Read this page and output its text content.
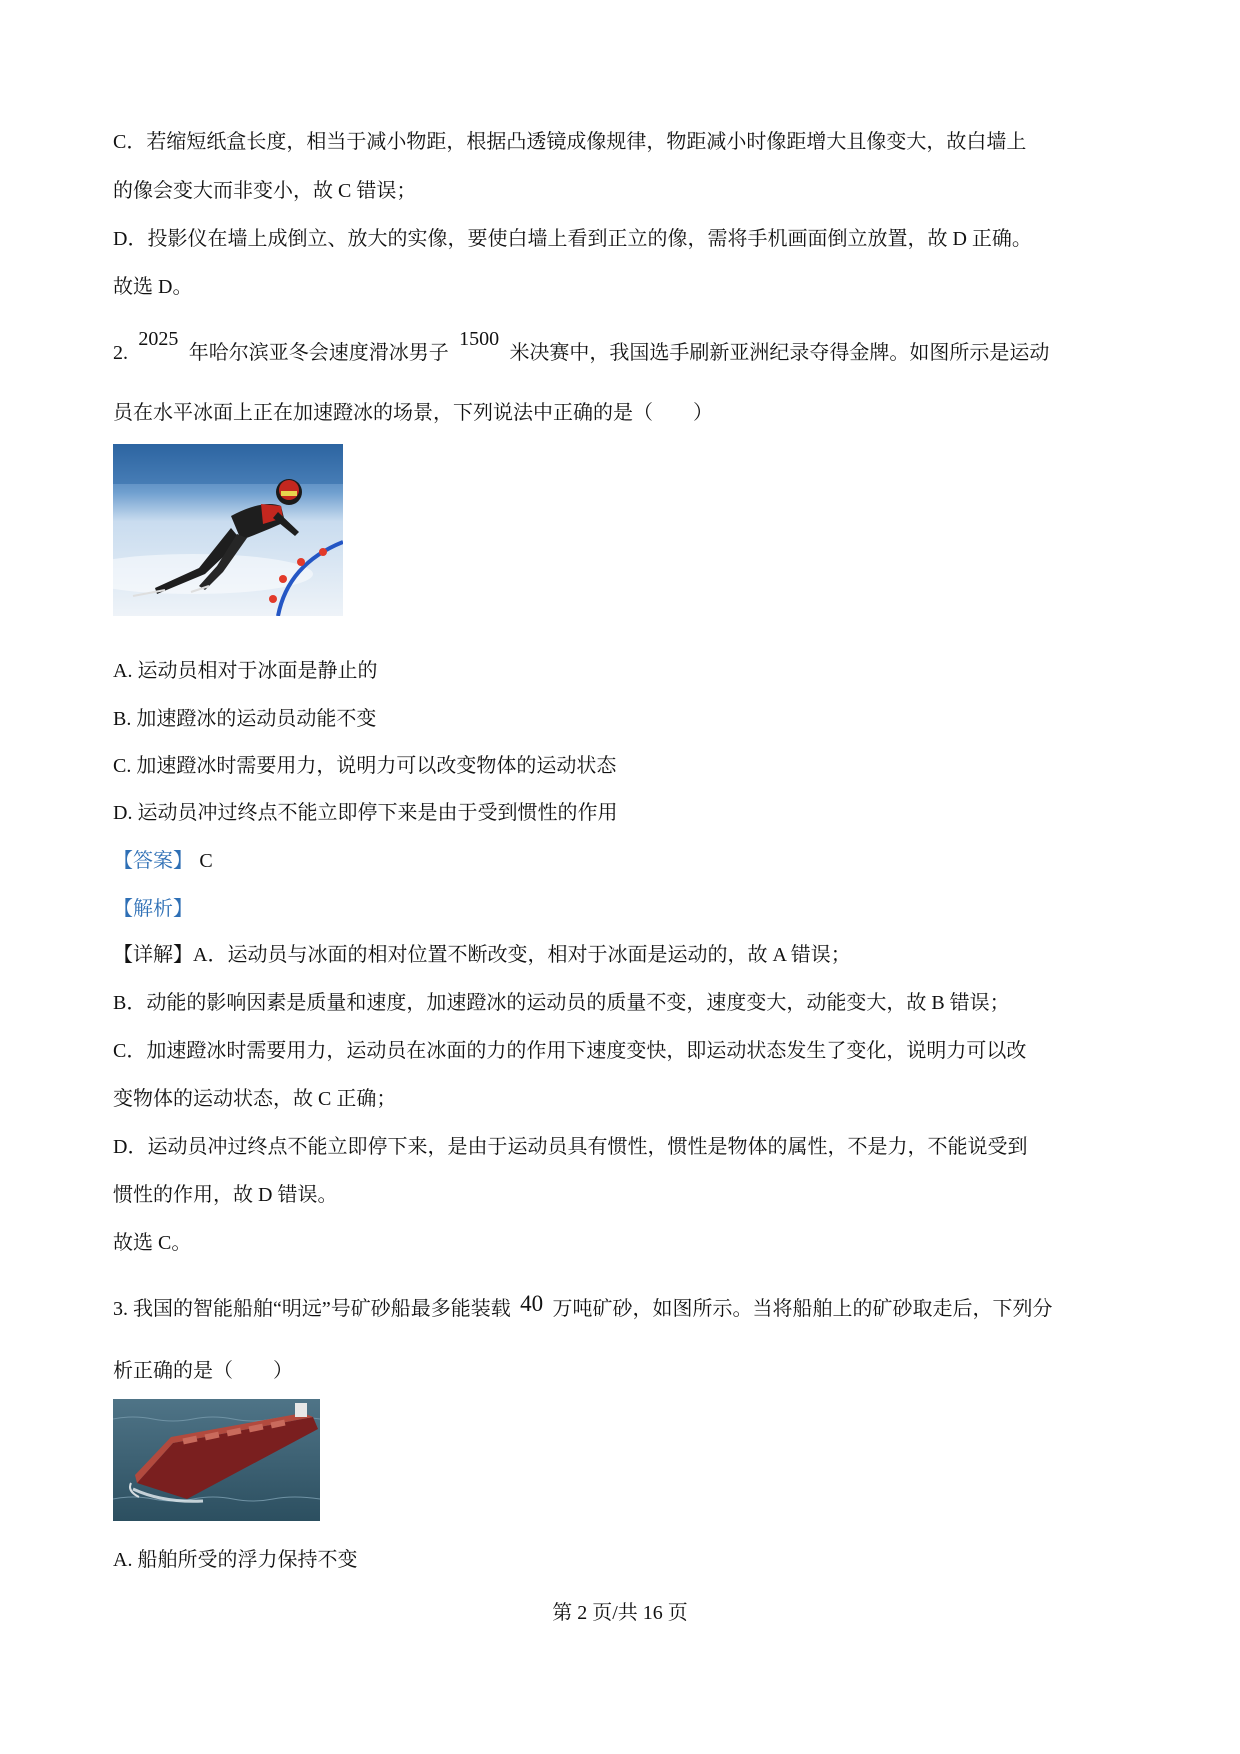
C．若缩短纸盒长度，相当于减小物距，根据凸透镜成像规律，物距减小时像距增大且像变大，故白墙上
的像会变大而非变小，故 C 错误；
D．投影仪在墙上成倒立、放大的实像，要使白墙上看到正立的像，需将手机画面倒立放置，故 D 正确。
故选 D。
2. 2025 年哈尔滨亚冬会速度滑冰男子 1500 米决赛中，我国选手刷新亚洲纪录夺得金牌。如图所示是运动
员在水平冰面上正在加速蹬冰的场景，下列说法中正确的是（　　）
A. 运动员相对于冰面是静止的
B. 加速蹬冰的运动员动能不变
C. 加速蹬冰时需要用力，说明力可以改变物体的运动状态
D. 运动员冲过终点不能立即停下来是由于受到惯性的作用
【答案】 C
【解析】
【详解】A．运动员与冰面的相对位置不断改变，相对于冰面是运动的，故 A 错误；
B．动能的影响因素是质量和速度，加速蹬冰的运动员的质量不变，速度变大，动能变大，故 B 错误；
C．加速蹬冰时需要用力，运动员在冰面的力的作用下速度变快，即运动状态发生了变化，说明力可以改
变物体的运动状态，故 C 正确；
D．运动员冲过终点不能立即停下来，是由于运动员具有惯性，惯性是物体的属性，不是力，不能说受到
惯性的作用，故 D 错误。
故选 C。
3. 我国的智能船舶“明远”号矿砂船最多能装载 40 万吨矿砂，如图所示。当将船舶上的矿砂取走后，下列分
析正确的是（　　）
A. 船舶所受的浮力保持不变
第 2 页/共 16 页
